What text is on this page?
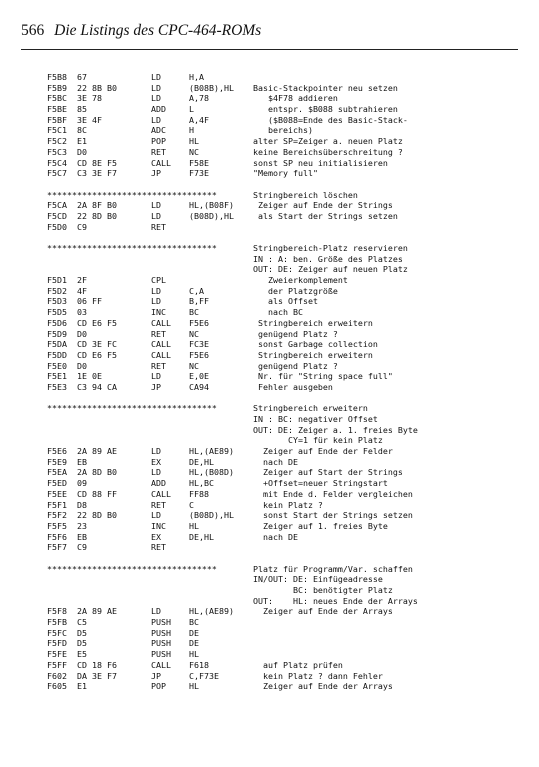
566 Die Listings des CPC-464-ROMs
F5B8 67	LD	H,A
F5B9 22 8B B0	LD	(B08B),HL Basic-Stackpointer neu setzen
F5BC 3E 78	LD	A,78	$4F78 addieren
F5BE 85	ADD	L	entspr. $B088 subtrahieren
F5BF 3E 4F	LD	A,4F	($B088=Ende des Basic-Stack-
F5C1 8C	ADC	H	bereichs)
F5C2 E1	POP	HL	alter SP=Zeiger a. neuen Platz
F5C3 D0	RET	NC	keine Bereichsüberschreitung ?
F5C4 CD 8E F5	CALL F58E	sonst SP neu initialisieren
F5C7 C3 3E F7	JP	F73E	"Memory full"
**********************************	Stringbereich löschen
F5CA 2A 8F B0	LD	HL,(B08F) Zeiger auf Ende der Strings
F5CD 22 8D B0	LD	(B08D),HL als Start der Strings setzen
F5D0 C9	RET
**********************************	Stringbereich-Platz reservieren
IN : A: ben. Größe des Platzes
OUT: DE: Zeiger auf neuen Platz
F5D1 2F	CPL	Zweierkomplement
F5D2 4F	LD	C,A	der Platzgröße
F5D3 06 FF	LD	B,FF	als Offset
F5D5 03	INC	BC	nach BC
F5D6 CD E6 F5	CALL F5E6	Stringbereich erweitern
F5D9 D0	RET	NC	genügend Platz ?
F5DA CD 3E FC	CALL FC3E	sonst Garbage collection
F5DD CD E6 F5	CALL F5E6	Stringbereich erweitern
F5E0 D0	RET	NC	genügend Platz ?
F5E1 1E 0E	LD	E,0E	Nr. für "String space full"
F5E3 C3 94 CA	JP	CA94	Fehler ausgeben
**********************************	Stringbereich erweitern
IN : BC: negativer Offset
OUT: DE: Zeiger a. 1. freies Byte
CY=1 für kein Platz
F5E6 2A 89 AE	LD	HL,(AE89) Zeiger auf Ende der Felder
F5E9 EB	EX	DE,HL	nach DE
F5EA 2A 8D B0	LD	HL,(B08D) Zeiger auf Start der Strings
F5ED 09	ADD	HL,BC	+Offset=neuer Stringstart
F5EE CD 88 FF	CALL FF88	mit Ende d. Felder vergleichen
F5F1 D8	RET	C	kein Platz ?
F5F2 22 8D B0	LD	(B08D),HL sonst Start der Strings setzen
F5F5 23	INC	HL	Zeiger auf 1. freies Byte
F5F6 EB	EX	DE,HL	nach DE
F5F7 C9	RET
**********************************	Platz für Programm/Var. schaffen
IN/OUT: DE: Einfügeadresse
BC: benötigter Platz
OUT:    HL: neues Ende der Arrays
F5F8 2A 89 AE	LD	HL,(AE89) Zeiger auf Ende der Arrays
F5FB C5	PUSH BC
F5FC D5	PUSH DE
F5FD D5	PUSH DE
F5FE E5	PUSH HL
F5FF CD 18 F6	CALL F618	auf Platz prüfen
F602 DA 3E F7	JP	C,F73E	kein Platz ? dann Fehler
F605 E1	POP	HL	Zeiger auf Ende der Arrays
